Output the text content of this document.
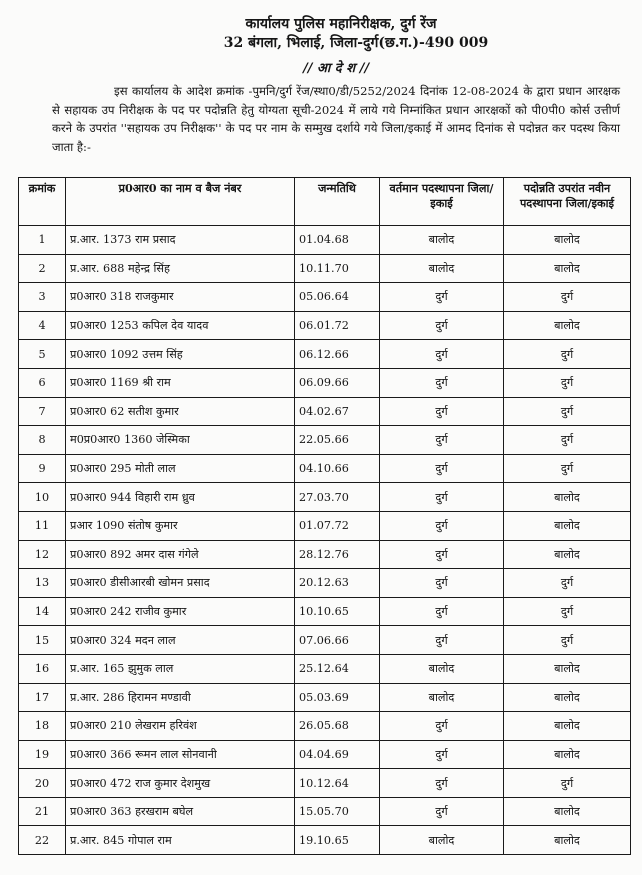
कार्यालय पुलिस महानिरीक्षक, दुर्ग रेंज
32 बंगला, भिलाई, जिला-दुर्ग(छ.ग.)-490 009
// आ दे श //

इस कार्यालय के आदेश क्रमांक -पुमनि/दुर्ग रेंज/स्था0/डी/5252/2024 दिनांक 12-08-2024 के द्वारा प्रधान आरक्षक से सहायक उप निरीक्षक के पद पर पदोन्नति हेतु योग्यता सूची-2024 में लाये गये निम्नांकित प्रधान आरक्षकों को पी0पी0 कोर्स उत्तीर्ण करने के उपरांत ''सहायक उप निरीक्षक'' के पद पर नाम के सम्मुख दर्शाये गये जिला/इकाई में आमद दिनांक से पदोन्नत कर पदस्थ किया जाता है:-

क्रमांक	प्र0आर0 का नाम व बैज नंबर	जन्मतिथि	वर्तमान पदस्थापना जिला/इकाई	पदोन्नति उपरांत नवीन पदस्थापना जिला/इकाई
1	प्र.आर. 1373 राम प्रसाद	01.04.68	बालोद	बालोद
2	प्र.आर. 688 महेन्द्र सिंह	10.11.70	बालोद	बालोद
3	प्र0आर0 318 राजकुमार	05.06.64	दुर्ग	दुर्ग
4	प्र0आर0 1253 कपिल देव यादव	06.01.72	दुर्ग	बालोद
5	प्र0आर0 1092 उत्तम सिंह	06.12.66	दुर्ग	दुर्ग
6	प्र0आर0 1169 श्री राम	06.09.66	दुर्ग	दुर्ग
7	प्र0आर0 62 सतीश कुमार	04.02.67	दुर्ग	दुर्ग
8	म0प्र0आर0 1360 जेस्मिका	22.05.66	दुर्ग	दुर्ग
9	प्र0आर0 295 मोती लाल	04.10.66	दुर्ग	दुर्ग
10	प्र0आर0 944 विहारी राम ध्रुव	27.03.70	दुर्ग	बालोद
11	प्रआर 1090 संतोष कुमार	01.07.72	दुर्ग	बालोद
12	प्र0आर0 892 अमर दास गंगेले	28.12.76	दुर्ग	बालोद
13	प्र0आर0 डीसीआरबी खोमन प्रसाद	20.12.63	दुर्ग	दुर्ग
14	प्र0आर0 242 राजीव कुमार	10.10.65	दुर्ग	दुर्ग
15	प्र0आर0 324 मदन लाल	07.06.66	दुर्ग	दुर्ग
16	प्र.आर. 165 झुमुक लाल	25.12.64	बालोद	बालोद
17	प्र.आर. 286 हिरामन मण्डावी	05.03.69	बालोद	बालोद
18	प्र0आर0 210 लेखराम हरिवंश	26.05.68	दुर्ग	बालोद
19	प्र0आर0 366 रूमन लाल सोनवानी	04.04.69	दुर्ग	बालोद
20	प्र0आर0 472 राज कुमार देशमुख	10.12.64	दुर्ग	दुर्ग
21	प्र0आर0 363 हरखराम बघेल	15.05.70	दुर्ग	बालोद
22	प्र.आर. 845 गोपाल राम	19.10.65	बालोद	बालोद
